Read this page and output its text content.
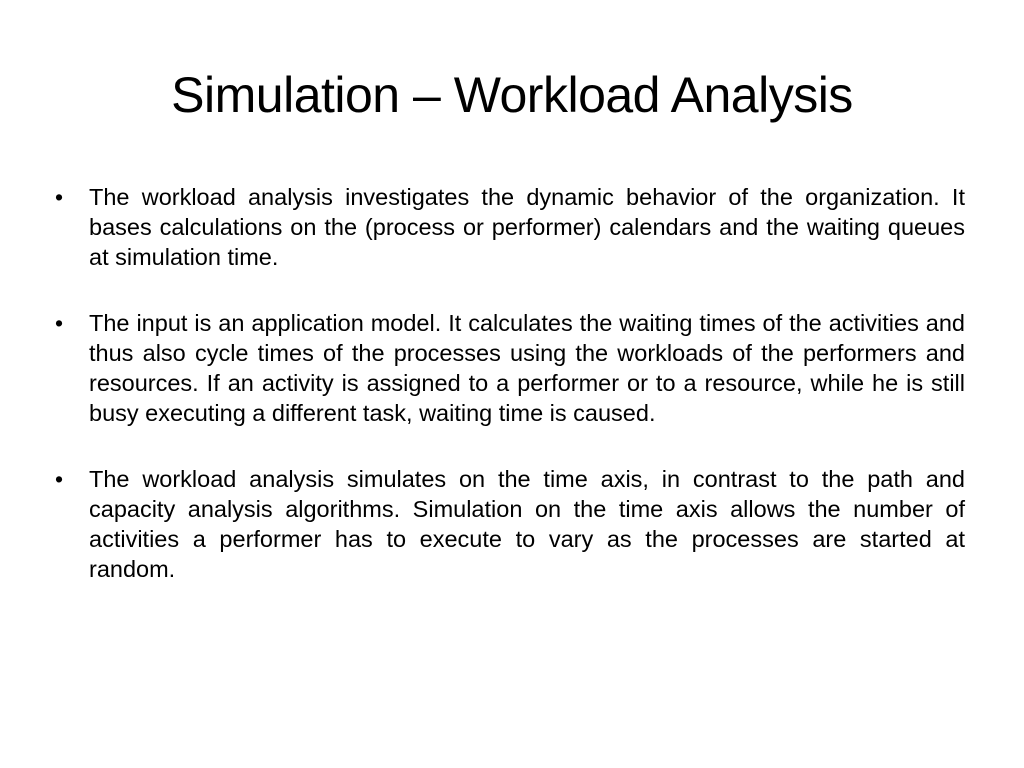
Simulation – Workload Analysis
• The workload analysis investigates the dynamic behavior of the organization. It bases calculations on the (process or performer) calendars and the waiting queues at simulation time.
• The input is an application model. It calculates the waiting times of the activities and thus also cycle times of the processes using the workloads of the performers and resources. If an activity is assigned to a performer or to a resource, while he is still busy executing a different task, waiting time is caused.
• The workload analysis simulates on the time axis, in contrast to the path and capacity analysis algorithms. Simulation on the time axis allows the number of activities a performer has to execute to vary as the processes are started at random.
